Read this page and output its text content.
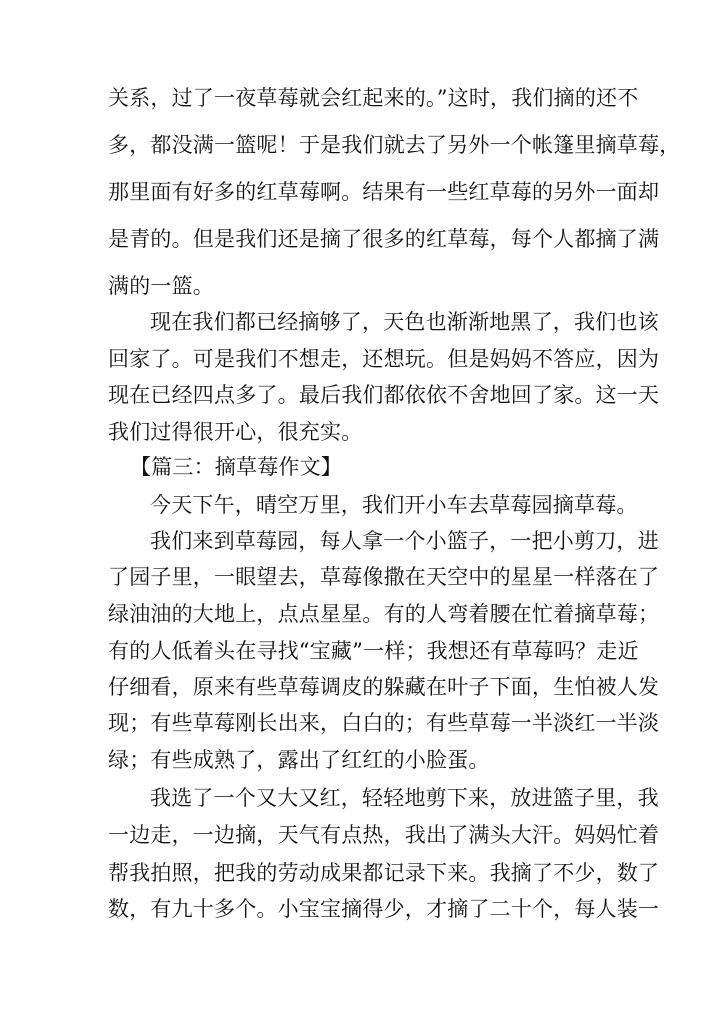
关系，过了一夜草莓就会红起来的。”这时，我们摘的还不
多，都没满一篮呢！于是我们就去了另外一个帐篷里摘草莓，
那里面有好多的红草莓啊。结果有一些红草莓的另外一面却
是青的。但是我们还是摘了很多的红草莓，每个人都摘了满
满的一篮。
现在我们都已经摘够了，天色也渐渐地黑了，我们也该
回家了。可是我们不想走，还想玩。但是妈妈不答应，因为
现在已经四点多了。最后我们都依依不舍地回了家。这一天
我们过得很开心，很充实。
【篇三：摘草莓作文】
今天下午，晴空万里，我们开小车去草莓园摘草莓。
我们来到草莓园，每人拿一个小篮子，一把小剪刀，进
了园子里，一眼望去，草莓像撒在天空中的星星一样落在了
绿油油的大地上，点点星星。有的人弯着腰在忙着摘草莓；
有的人低着头在寻找“宝藏”一样；我想还有草莓吗？走近
仔细看，原来有些草莓调皮的躲藏在叶子下面，生怕被人发
现；有些草莓刚长出来，白白的；有些草莓一半淡红一半淡
绿；有些成熟了，露出了红红的小脸蛋。
我选了一个又大又红，轻轻地剪下来，放进篮子里，我
一边走，一边摘，天气有点热，我出了满头大汗。妈妈忙着
帮我拍照，把我的劳动成果都记录下来。我摘了不少，数了
数，有九十多个。小宝宝摘得少，才摘了二十个，每人装一
